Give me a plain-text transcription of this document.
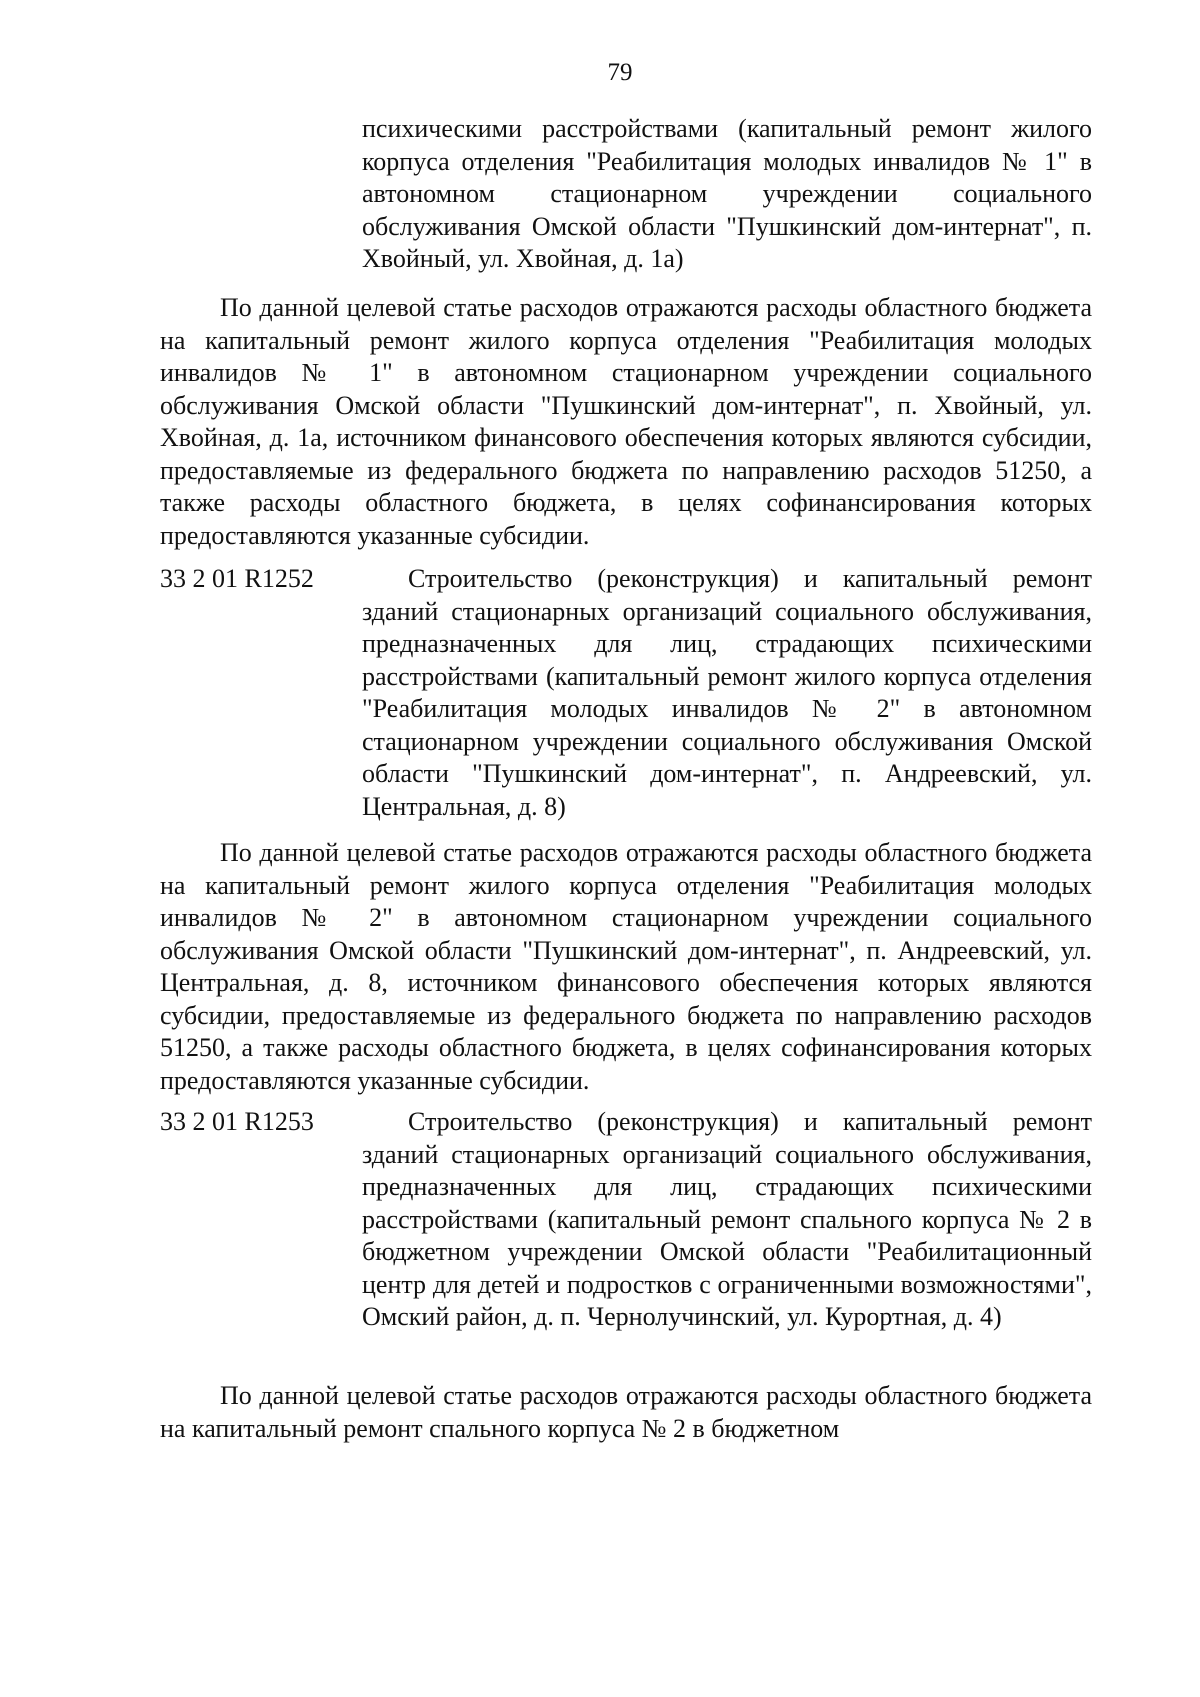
79
психическими расстройствами (капитальный ремонт жилого корпуса отделения "Реабилитация молодых инвалидов № 1" в автономном стационарном учреждении социального обслуживания Омской области "Пушкинский дом-интернат", п. Хвойный, ул. Хвойная, д. 1а)
По данной целевой статье расходов отражаются расходы областного бюджета на капитальный ремонт жилого корпуса отделения "Реабилитация молодых инвалидов № 1" в автономном стационарном учреждении социального обслуживания Омской области "Пушкинский дом-интернат", п. Хвойный, ул. Хвойная, д. 1а, источником финансового обеспечения которых являются субсидии, предоставляемые из федерального бюджета по направлению расходов 51250, а также расходы областного бюджета, в целях софинансирования которых предоставляются указанные субсидии.
33 2 01 R1252	Строительство (реконструкция) и капитальный ремонт зданий стационарных организаций социального обслуживания, предназначенных для лиц, страдающих психическими расстройствами (капитальный ремонт жилого корпуса отделения "Реабилитация молодых инвалидов № 2" в автономном стационарном учреждении социального обслуживания Омской области "Пушкинский дом-интернат", п. Андреевский, ул. Центральная, д. 8)
По данной целевой статье расходов отражаются расходы областного бюджета на капитальный ремонт жилого корпуса отделения "Реабилитация молодых инвалидов № 2" в автономном стационарном учреждении социального обслуживания Омской области "Пушкинский дом-интернат", п. Андреевский, ул. Центральная, д. 8, источником финансового обеспечения которых являются субсидии, предоставляемые из федерального бюджета по направлению расходов 51250, а также расходы областного бюджета, в целях софинансирования которых предоставляются указанные субсидии.
33 2 01 R1253	Строительство (реконструкция) и капитальный ремонт зданий стационарных организаций социального обслуживания, предназначенных для лиц, страдающих психическими расстройствами (капитальный ремонт спального корпуса № 2 в бюджетном учреждении Омской области "Реабилитационный центр для детей и подростков с ограниченными возможностями", Омский район, д. п. Чернолучинский, ул. Курортная, д. 4)
По данной целевой статье расходов отражаются расходы областного бюджета на капитальный ремонт спального корпуса № 2 в бюджетном
